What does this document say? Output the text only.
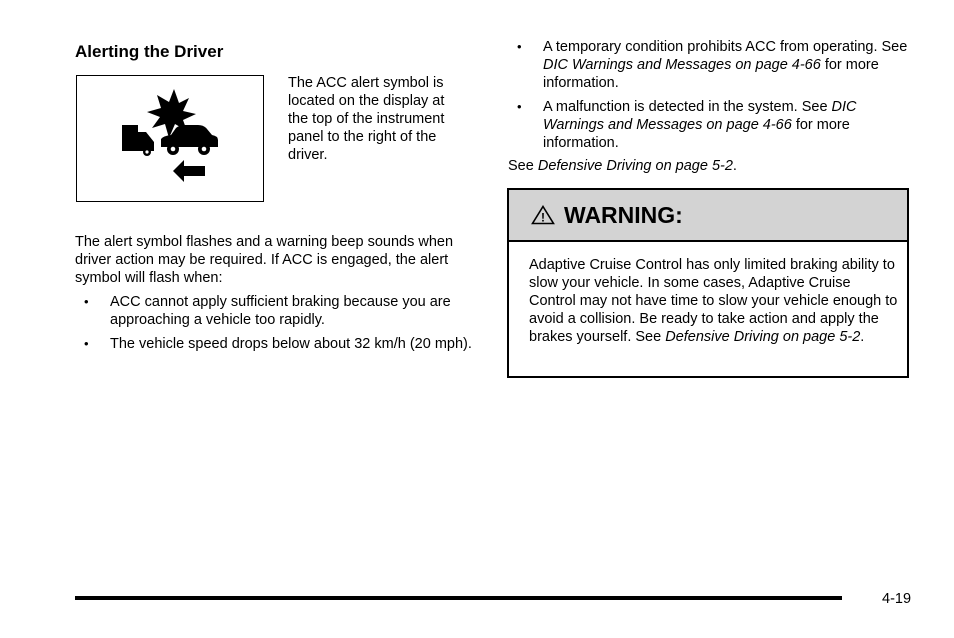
Alerting the Driver
The ACC alert symbol is located on the display at the top of the instrument panel to the right of the driver.
The alert symbol flashes and a warning beep sounds when driver action may be required. If ACC is engaged, the alert symbol will flash when:
• ACC cannot apply sufficient braking because you are approaching a vehicle too rapidly.
• The vehicle speed drops below about 32 km/h (20 mph).
• A temporary condition prohibits ACC from operating. See DIC Warnings and Messages on page 4-66 for more information.
• A malfunction is detected in the system. See DIC Warnings and Messages on page 4-66 for more information.
See Defensive Driving on page 5-2.
! WARNING:
Adaptive Cruise Control has only limited braking ability to slow your vehicle. In some cases, Adaptive Cruise Control may not have time to slow your vehicle enough to avoid a collision. Be ready to take action and apply the brakes yourself. See Defensive Driving on page 5-2.
4-19
